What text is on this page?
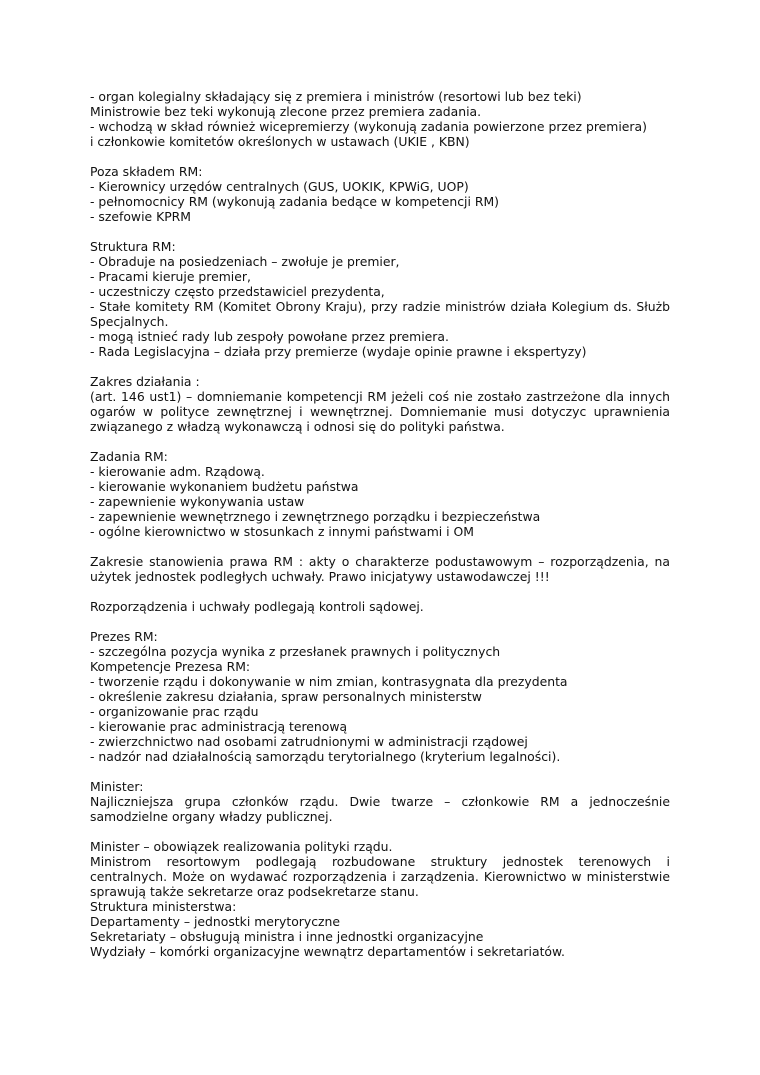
- organ kolegialny składający się z premiera i ministrów (resortowi lub bez teki)
Ministrowie bez teki wykonują zlecone przez premiera zadania.
- wchodzą w skład również wicepremierzy (wykonują zadania powierzone przez premiera)
i członkowie komitetów określonych w ustawach (UKIE , KBN)
Poza składem RM:
- Kierownicy urzędów centralnych (GUS, UOKIK, KPWiG, UOP)
- pełnomocnicy RM (wykonują zadania bedące w kompetencji RM)
- szefowie KPRM
Struktura RM:
- Obraduje na posiedzeniach – zwołuje je premier,
- Pracami kieruje premier,
- uczestniczy często przedstawiciel prezydenta,
- Stałe komitety RM (Komitet Obrony Kraju), przy radzie ministrów działa Kolegium ds. Służb Specjalnych.
- mogą istnieć rady lub zespoły powołane przez premiera.
- Rada Legislacyjna – działa przy premierze (wydaje opinie prawne i ekspertyzy)
Zakres działania :
(art. 146 ust1) – domniemanie kompetencji RM jeżeli coś nie zostało zastrzeżone dla innych ogarów w polityce zewnętrznej i wewnętrznej. Domniemanie musi dotyczyc uprawnienia związanego z władzą wykonawczą i odnosi się do polityki państwa.
Zadania RM:
- kierowanie adm. Rządową.
- kierowanie wykonaniem budżetu państwa
- zapewnienie wykonywania ustaw
- zapewnienie wewnętrznego i zewnętrznego porządku i bezpieczeństwa
- ogólne kierownictwo w stosunkach z innymi państwami i OM
Zakresie stanowienia prawa RM : akty o charakterze podustawowym – rozporządzenia, na użytek jednostek podległych uchwały. Prawo inicjatywy ustawodawczej !!!
Rozporządzenia i uchwały podlegają kontroli sądowej.
Prezes RM:
- szczególna pozycja wynika z przesłanek prawnych i politycznych
Kompetencje Prezesa RM:
- tworzenie rządu i dokonywanie w nim zmian, kontrasygnata dla prezydenta
- określenie zakresu działania, spraw personalnych ministerstw
- organizowanie prac rządu
- kierowanie prac administracją terenową
- zwierzchnictwo nad osobami zatrudnionymi w administracji rządowej
- nadzór nad działalnością samorządu terytorialnego (kryterium legalności).
Minister:
Najliczniejsza grupa członków rządu. Dwie twarze – członkowie RM a jednocześnie samodzielne organy władzy publicznej.
Minister – obowiązek realizowania polityki rządu.
Ministrom resortowym podlegają rozbudowane struktury jednostek terenowych i centralnych. Może on wydawać rozporządzenia i zarządzenia. Kierownictwo w ministerstwie sprawują także sekretarze oraz podsekretarze stanu.
Struktura ministerstwa:
Departamenty – jednostki merytoryczne
Sekretariaty – obsługują ministra i inne jednostki organizacyjne
Wydziały – komórki organizacyjne wewnątrz departamentów i sekretariatów.
